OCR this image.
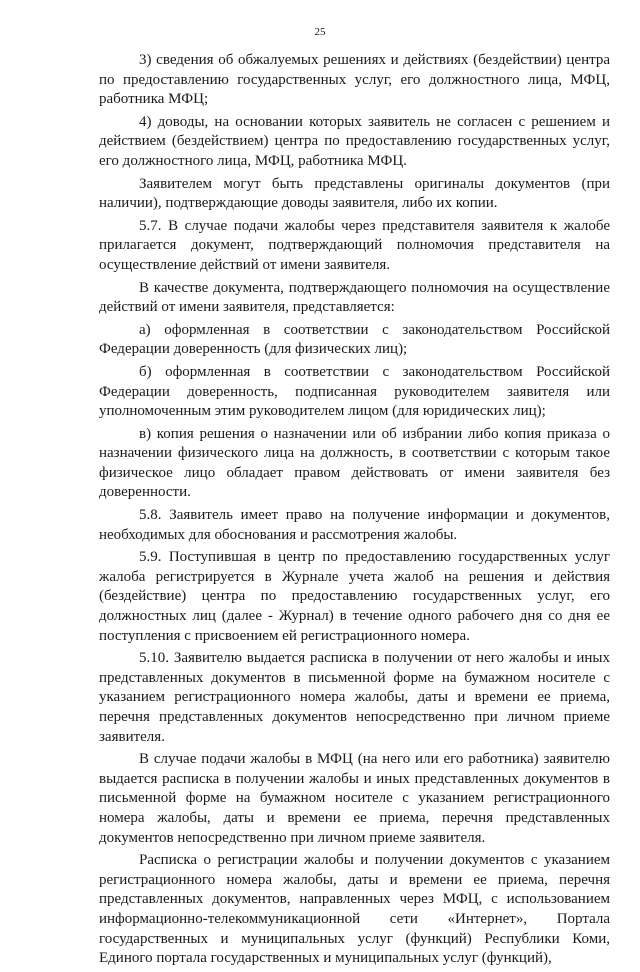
25

3) сведения об обжалуемых решениях и действиях (бездействии) центра по предоставлению государственных услуг, его должностного лица, МФЦ, работника МФЦ;

4) доводы, на основании которых заявитель не согласен с решением и действием (бездействием) центра по предоставлению государственных услуг, его должностного лица, МФЦ, работника МФЦ.

Заявителем могут быть представлены оригиналы документов (при наличии), подтверждающие доводы заявителя, либо их копии.

5.7. В случае подачи жалобы через представителя заявителя к жалобе прилагается документ, подтверждающий полномочия представителя на осуществление действий от имени заявителя.

В качестве документа, подтверждающего полномочия на осуществление действий от имени заявителя, представляется:

а) оформленная в соответствии с законодательством Российской Федерации доверенность (для физических лиц);

б) оформленная в соответствии с законодательством Российской Федерации доверенность, подписанная руководителем заявителя или уполномоченным этим руководителем лицом (для юридических лиц);

в) копия решения о назначении или об избрании либо копия приказа о назначении физического лица на должность, в соответствии с которым такое физическое лицо обладает правом действовать от имени заявителя без доверенности.

5.8. Заявитель имеет право на получение информации и документов, необходимых для обоснования и рассмотрения жалобы.

5.9. Поступившая в центр по предоставлению государственных услуг жалоба регистрируется в Журнале учета жалоб на решения и действия (бездействие) центра по предоставлению государственных услуг, его должностных лиц (далее - Журнал) в течение одного рабочего дня со дня ее поступления с присвоением ей регистрационного номера.

5.10. Заявителю выдается расписка в получении от него жалобы и иных представленных документов в письменной форме на бумажном носителе с указанием регистрационного номера жалобы, даты и времени ее приема, перечня представленных документов непосредственно при личном приеме заявителя.

В случае подачи жалобы в МФЦ (на него или его работника) заявителю выдается расписка в получении жалобы и иных представленных документов в письменной форме на бумажном носителе с указанием регистрационного номера жалобы, даты и времени ее приема, перечня представленных документов непосредственно при личном приеме заявителя.

Расписка о регистрации жалобы и получении документов с указанием регистрационного номера жалобы, даты и времени ее приема, перечня представленных документов, направленных через МФЦ, с использованием информационно-телекоммуникационной сети «Интернет», Портала государственных и муниципальных услуг (функций) Республики Коми, Единого портала государственных и муниципальных услуг (функций),
